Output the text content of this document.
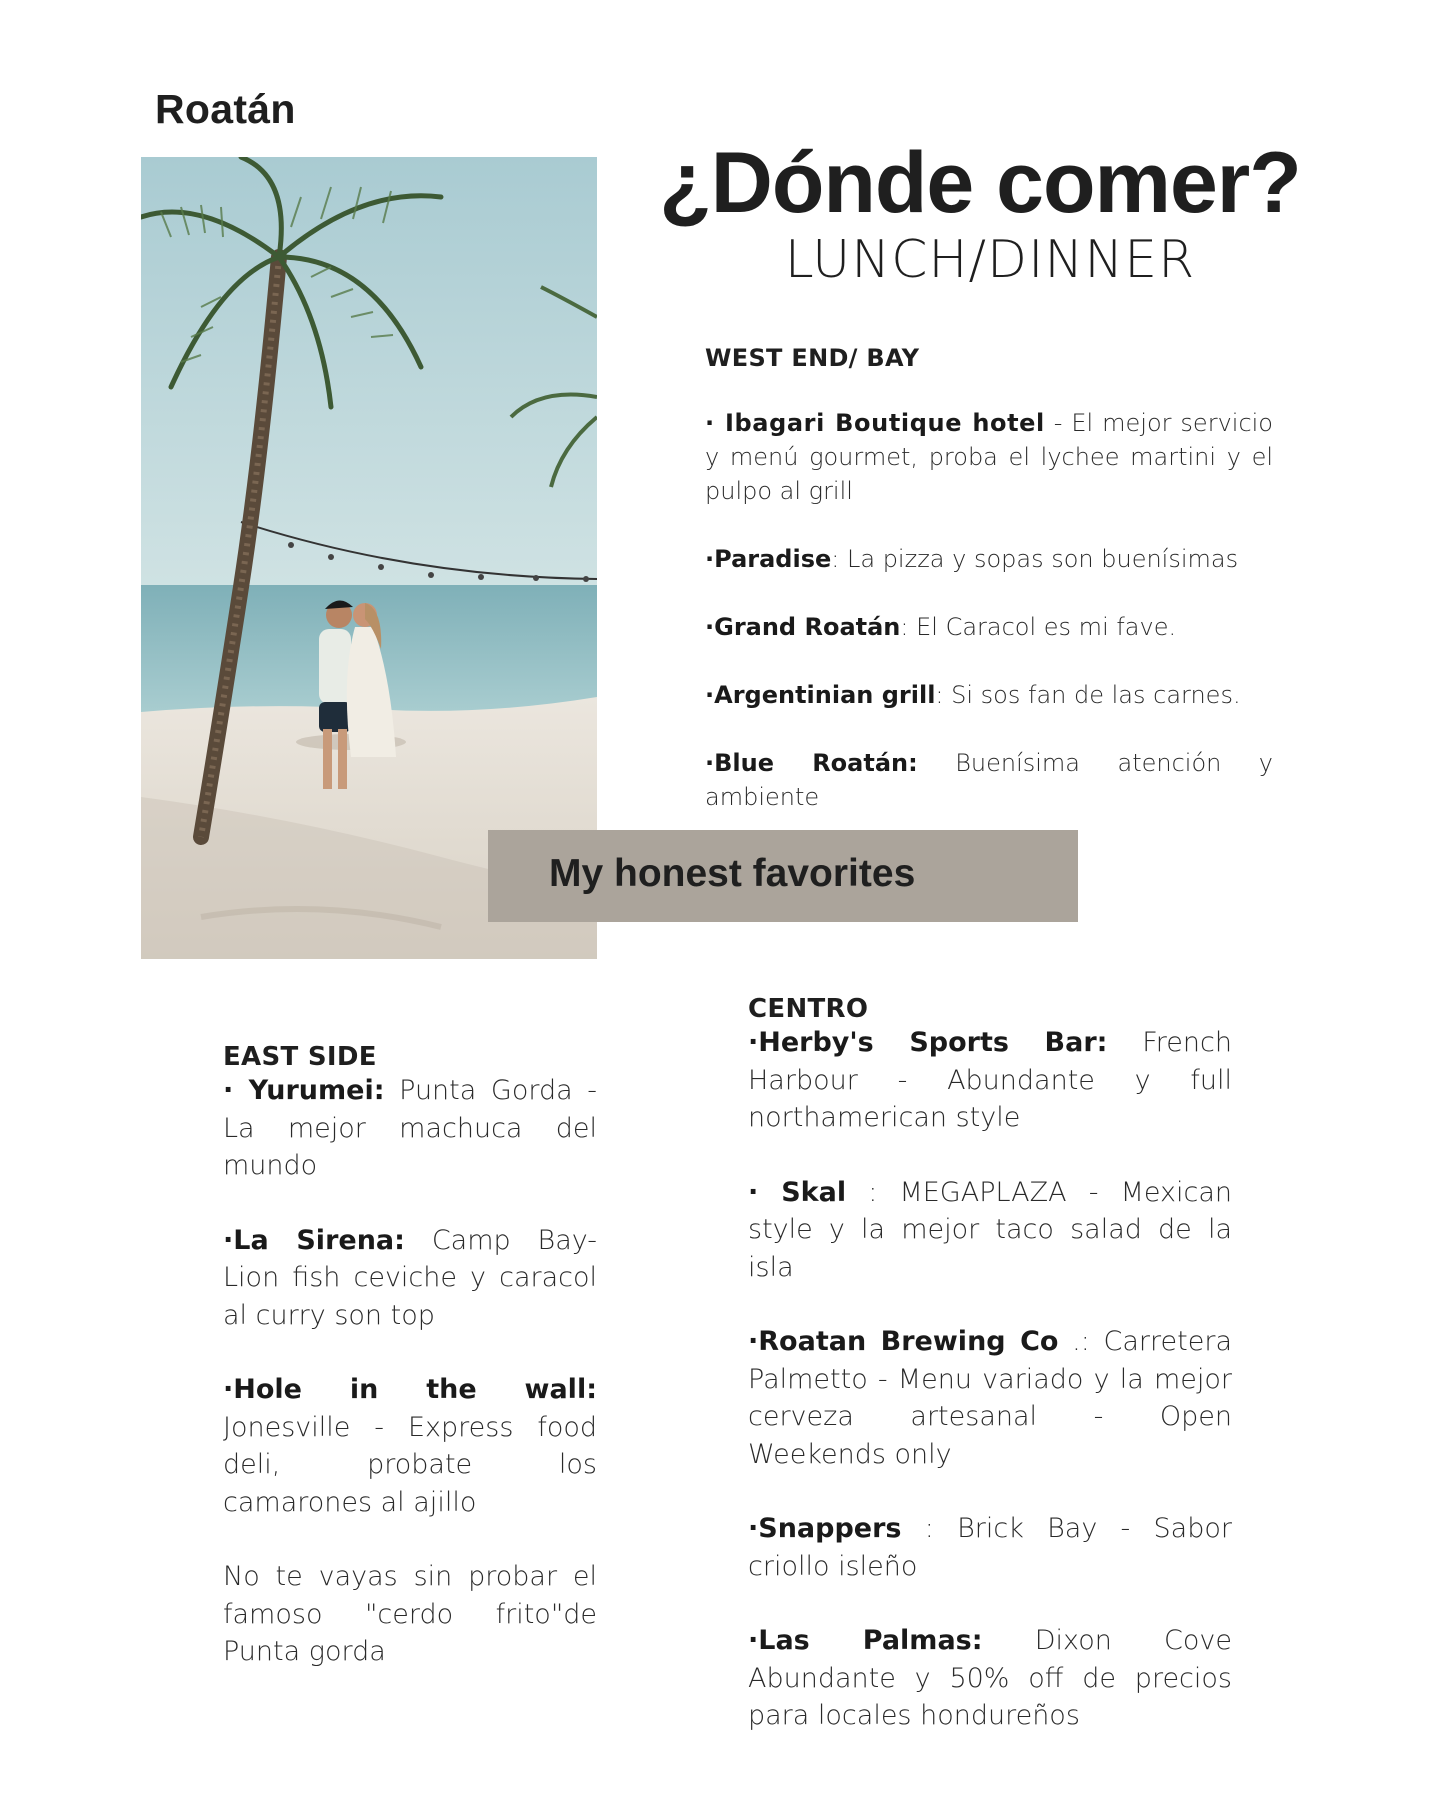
Roatán
¿Dónde comer?
LUNCH/DINNER
WEST END/ BAY
· Ibagari Boutique hotel - El mejor servicio y menú gourmet, proba el lychee martini y el pulpo al grill
·Paradise: La pizza y sopas son buenísimas
·Grand Roatán: El Caracol es mi fave.
·Argentinian grill: Si sos fan de las carnes.
·Blue Roatán: Buenísima atención y ambiente
My honest favorites
EAST SIDE
· Yurumei: Punta Gorda - La mejor machuca del mundo
·La Sirena: Camp Bay- Lion fish ceviche y caracol al curry son top
·Hole in the wall: Jonesville - Express food deli, probate los camarones al ajillo
No te vayas sin probar el famoso "cerdo frito"de Punta gorda
CENTRO
·Herby's Sports Bar: French Harbour - Abundante y full northamerican style
· Skal : MEGAPLAZA - Mexican style y la mejor taco salad de la isla
·Roatan Brewing Co .: Carretera Palmetto - Menu variado y la mejor cerveza artesanal - Open Weekends only
·Snappers : Brick Bay - Sabor criollo isleño
·Las Palmas: Dixon Cove Abundante y 50% off de precios para locales hondureños
